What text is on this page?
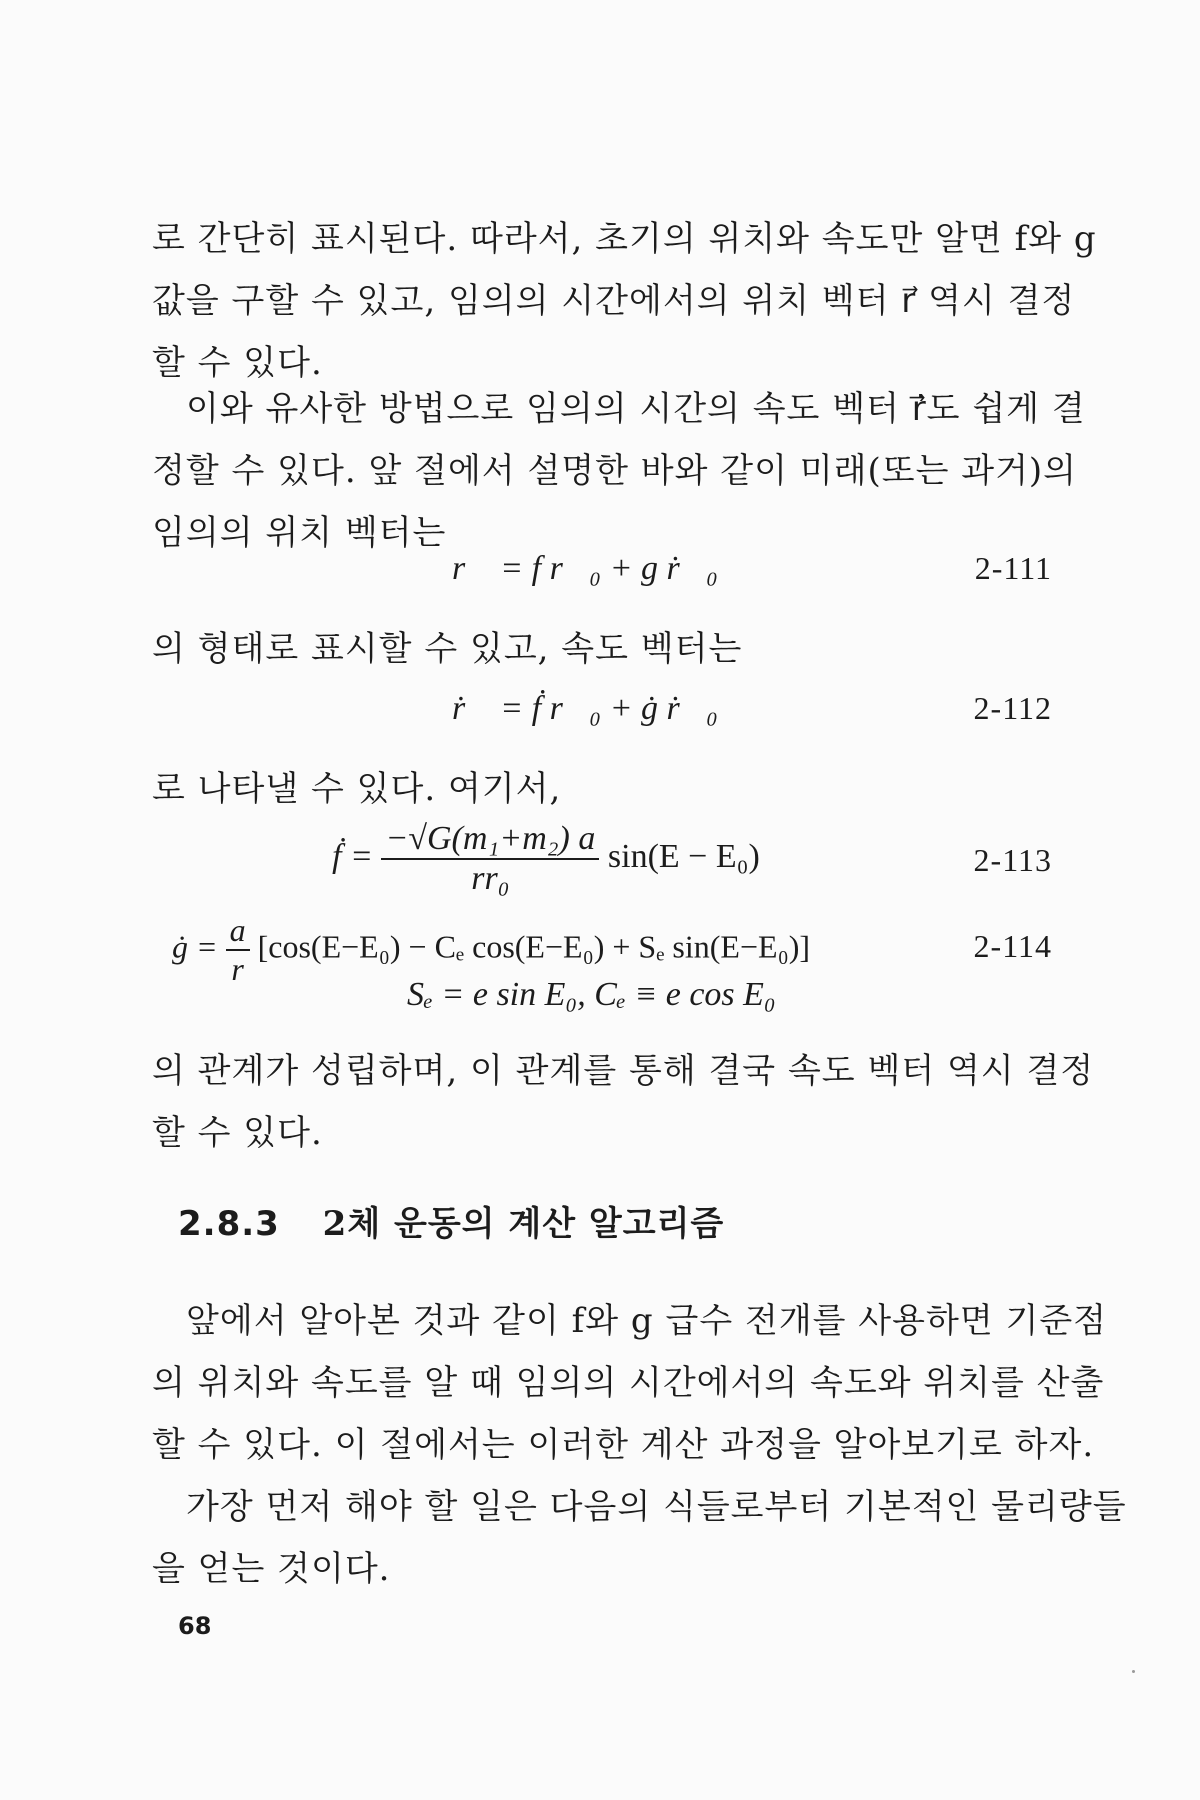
로 간단히 표시된다. 따라서, 초기의 위치와 속도만 알면 f와 g
값을 구할 수 있고, 임의의 시간에서의 위치 벡터 r⃗ 역시 결정
할 수 있다.

이와 유사한 방법으로 임의의 시간의 속도 벡터 ṙ⃗도 쉽게 결
정할 수 있다. 앞 절에서 설명한 바와 같이 미래(또는 과거)의
임의의 위치 벡터는

r⃗ = f r⃗₀ + g ṙ⃗₀	2-111

의 형태로 표시할 수 있고, 속도 벡터는

ṙ⃗ = ḟ r⃗₀ + ġ ṙ⃗₀	2-112

로 나타낼 수 있다. 여기서,

ḟ = $\frac{\text{−√G(m₁+m₂) a}}{\text{rr₀}} \sin(E - E_0)$	2-113
ġ = $\frac{a}{r} [\cos(E-E_0) - C_e$ cos(E−E₀) + Sₑ sin(E−E₀)]	2-114
Sₑ = e sin E₀, Cₑ ≡ e cos E₀

의 관계가 성립하며, 이 관계를 통해 결국 속도 벡터 역시 결정
할 수 있다.

2.8.3 2체 운동의 계산 알고리즘

앞에서 알아본 것과 같이 f와 g 급수 전개를 사용하면 기준점
의 위치와 속도를 알 때 임의의 시간에서의 속도와 위치를 산출
할 수 있다. 이 절에서는 이러한 계산 과정을 알아보기로 하자.

가장 먼저 해야 할 일은 다음의 식들로부터 기본적인 물리량들
을 얻는 것이다.

68
